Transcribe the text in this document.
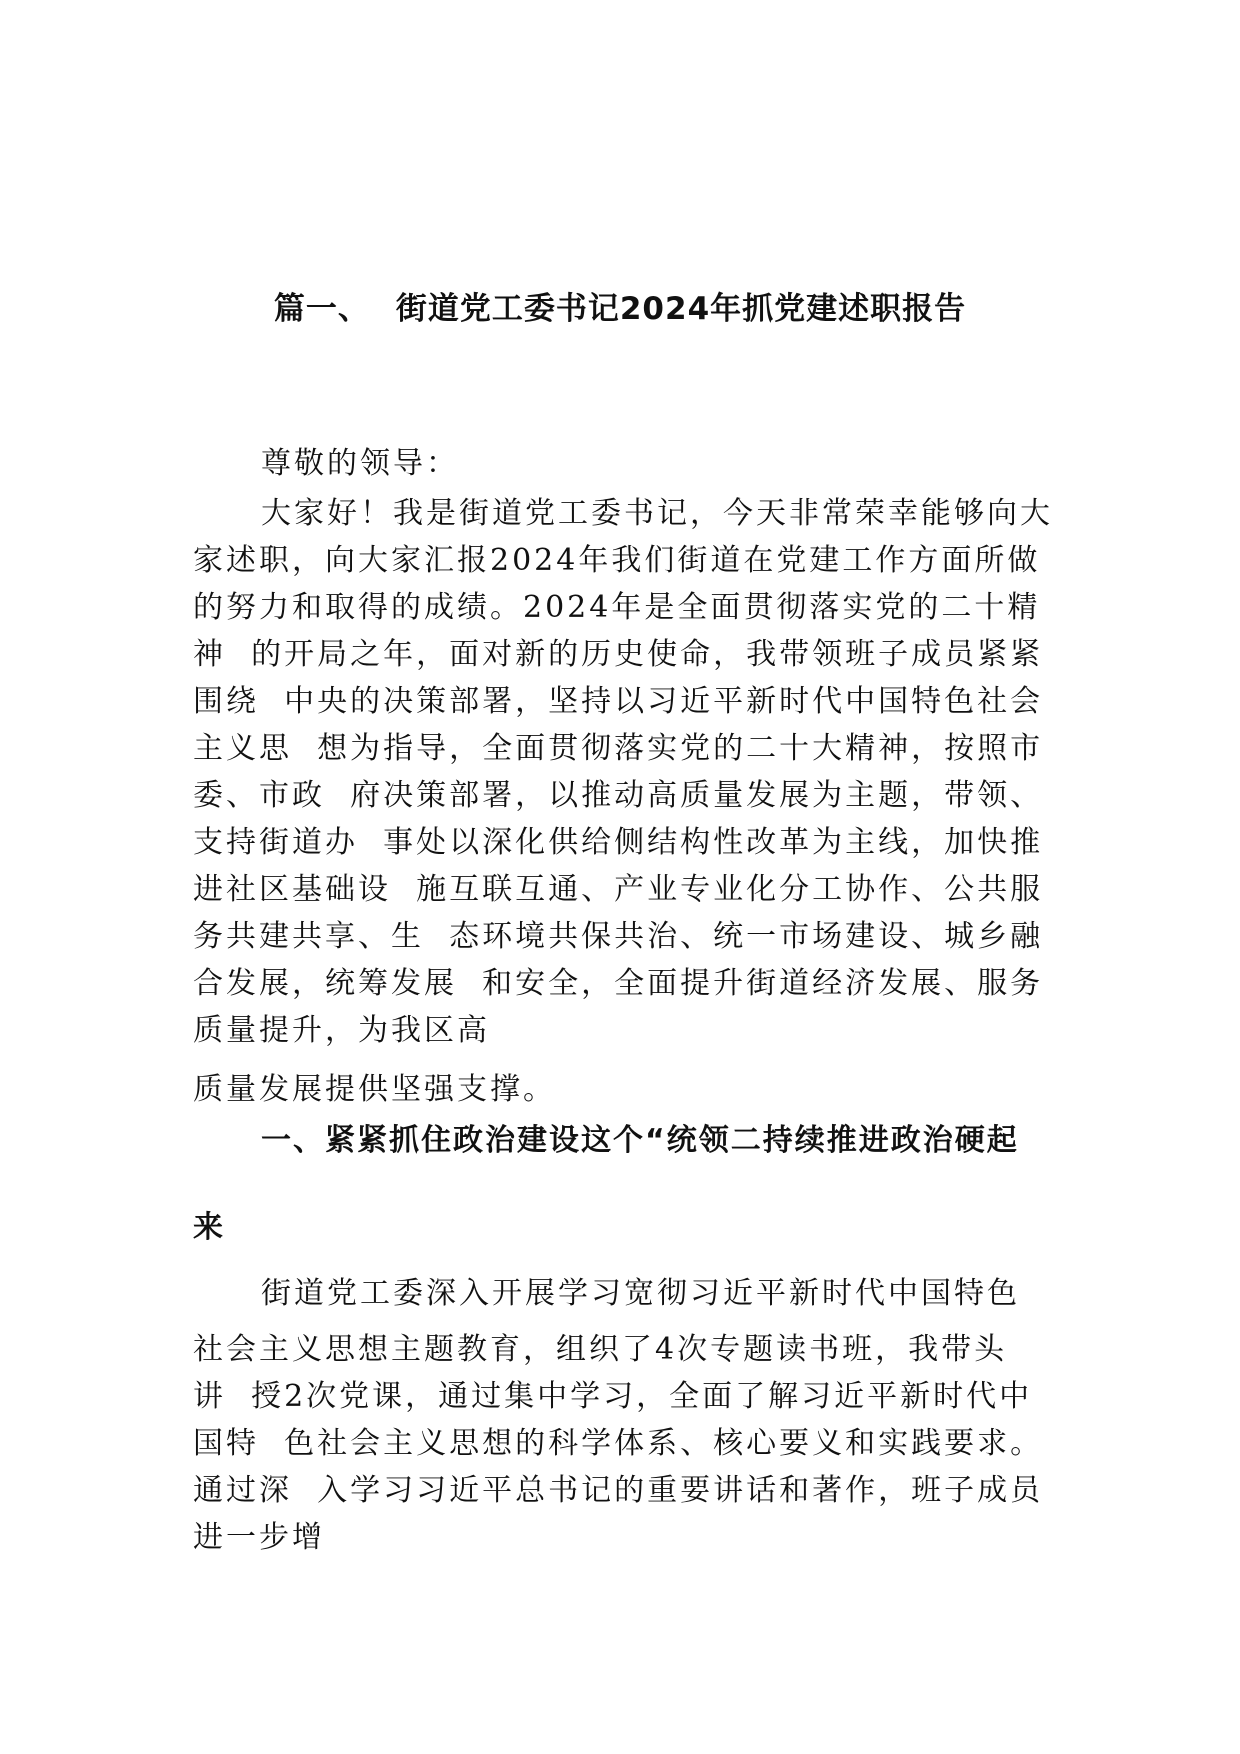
篇一、 街道党工委书记2024年抓党建述职报告
尊敬的领导：
大家好！我是街道党工委书记，今天非常荣幸能够向大
家述职，向大家汇报2024年我们街道在党建工作方面所做
的努力和取得的成绩。2024年是全面贯彻落实党的二十精
神  的开局之年，面对新的历史使命，我带领班子成员紧紧
围绕  中央的决策部署，坚持以习近平新时代中国特色社会
主义思  想为指导，全面贯彻落实党的二十大精神，按照市
委、市政  府决策部署，以推动高质量发展为主题，带领、
支持街道办  事处以深化供给侧结构性改革为主线，加快推
进社区基础设  施互联互通、产业专业化分工协作、公共服
务共建共享、生  态环境共保共治、统一市场建设、城乡融
合发展，统筹发展  和安全，全面提升街道经济发展、服务
质量提升，为我区高
质量发展提供坚强支撑。
一、紧紧抓住政治建设这个“统领二持续推进政治硬起
来
街道党工委深入开展学习宽彻习近平新时代中国特色
社会主义思想主题教育，组织了4次专题读书班，我带头
讲  授2次党课，通过集中学习，全面了解习近平新时代中
国特  色社会主义思想的科学体系、核心要义和实践要求。
通过深  入学习习近平总书记的重要讲话和著作，班子成员
进一步增
